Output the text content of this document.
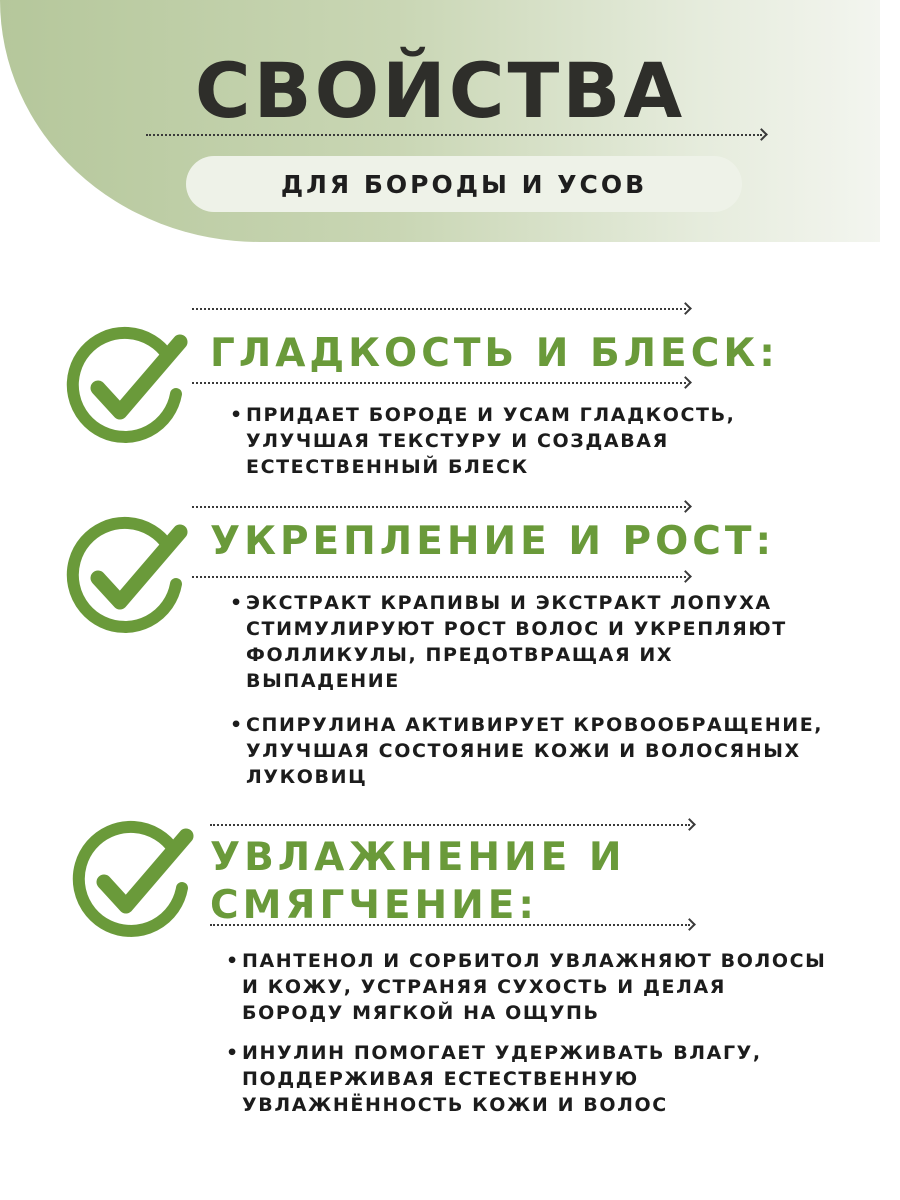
СВОЙСТВА
ДЛЯ БОРОДЫ И УСОВ
ГЛАДКОСТЬ И БЛЕСК:
• ПРИДАЕТ БОРОДЕ И УСАМ ГЛАДКОСТЬ, УЛУЧШАЯ ТЕКСТУРУ И СОЗДАВАЯ ЕСТЕСТВЕННЫЙ БЛЕСК
УКРЕПЛЕНИЕ И РОСТ:
• ЭКСТРАКТ КРАПИВЫ И ЭКСТРАКТ ЛОПУХА СТИМУЛИРУЮТ РОСТ ВОЛОС И УКРЕПЛЯЮТ ФОЛЛИКУЛЫ, ПРЕДОТВРАЩАЯ ИХ ВЫПАДЕНИЕ
• СПИРУЛИНА АКТИВИРУЕТ КРОВООБРАЩЕНИЕ, УЛУЧШАЯ СОСТОЯНИЕ КОЖИ И ВОЛОСЯНЫХ ЛУКОВИЦ
УВЛАЖНЕНИЕ И СМЯГЧЕНИЕ:
• ПАНТЕНОЛ И СОРБИТОЛ УВЛАЖНЯЮТ ВОЛОСЫ И КОЖУ, УСТРАНЯЯ СУХОСТЬ И ДЕЛАЯ БОРОДУ МЯГКОЙ НА ОЩУПЬ
• ИНУЛИН ПОМОГАЕТ УДЕРЖИВАТЬ ВЛАГУ, ПОДДЕРЖИВАЯ ЕСТЕСТВЕННУЮ УВЛАЖНЁННОСТЬ КОЖИ И ВОЛОС
